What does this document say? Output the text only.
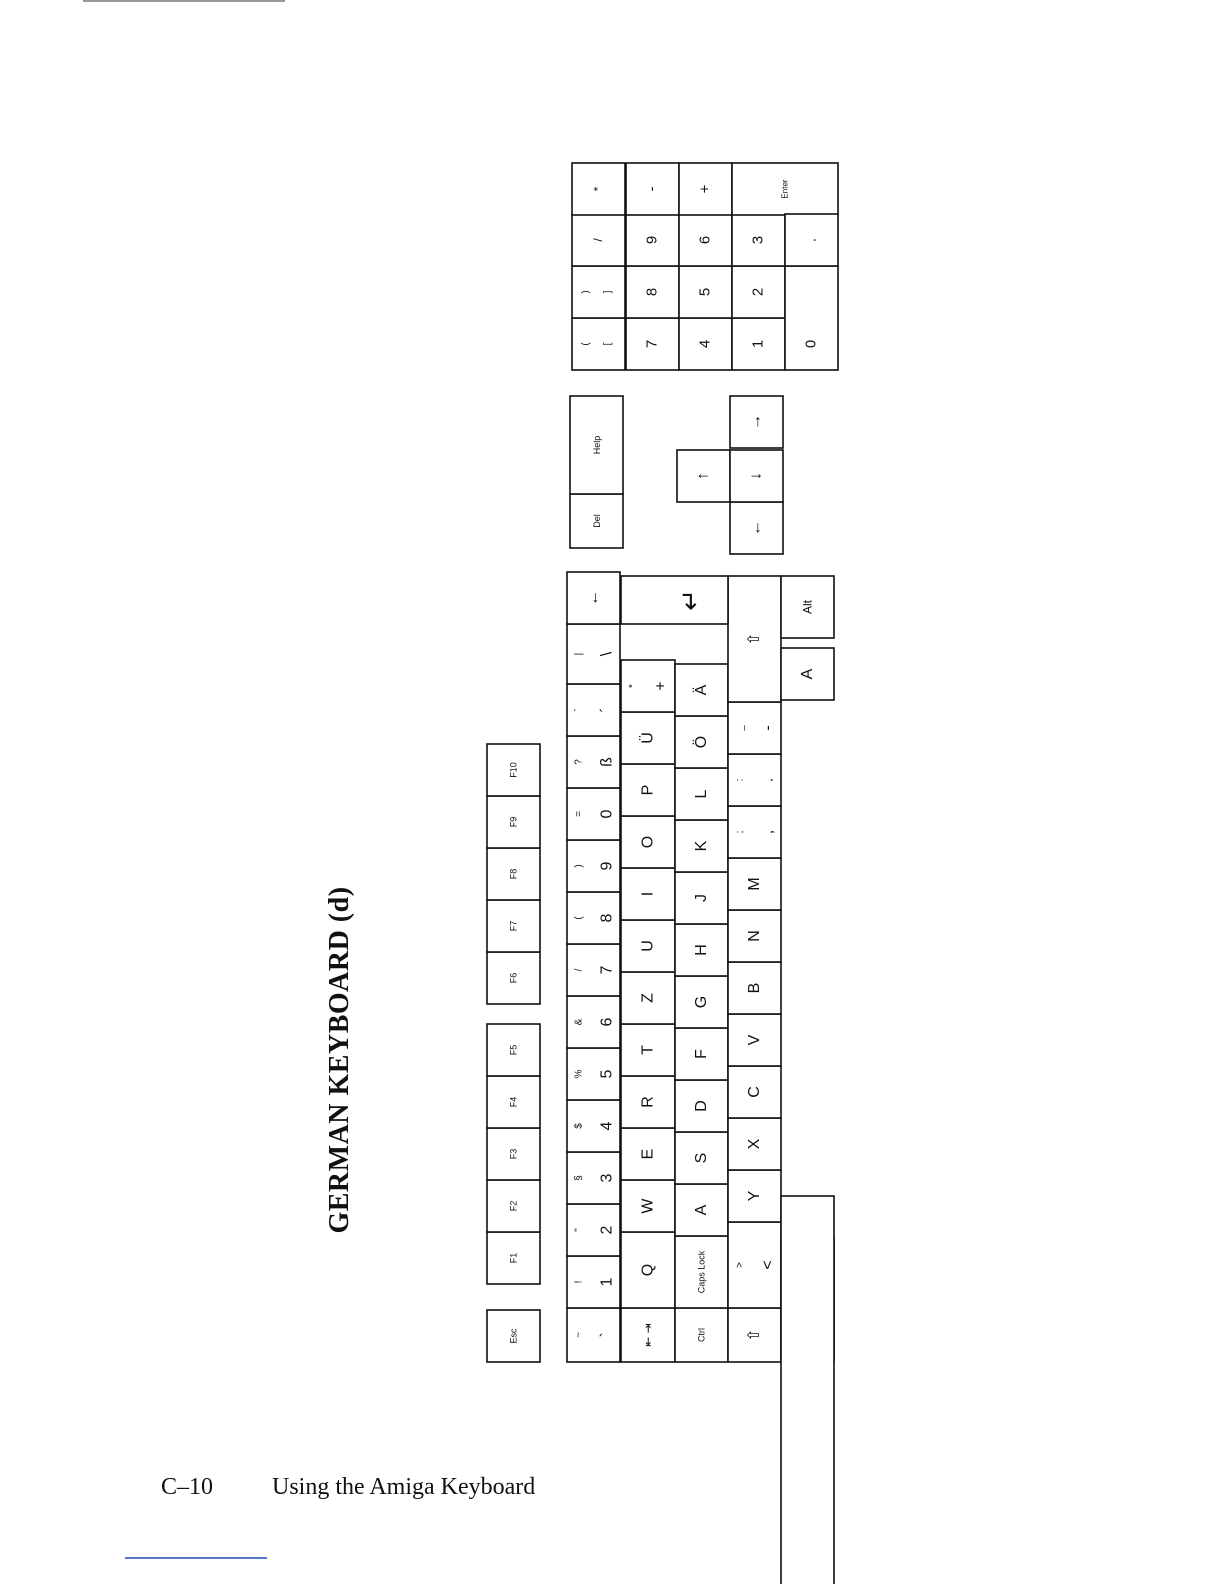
GERMAN KEYBOARD (d)
Esc
F1
F2
F3
F4
F5
F6
F7
F8
F9
F10
~ `
! 1
" 2
§ 3
$ 4
% 5
& 6
/ 7
( 8
) 9
= 0
? ß
` ´
| \
←
⇤ ⇥
Q
W
E
R
T
Z
U
I
O
P
Ü
* +
Ctrl
Caps Lock
A
S
D
F
G
H
J
K
L
Ö
Ä
⇧
> <
Y
X
C
V
B
N
M
; ,
: .
_ -
⇧
A
Alt
↵
Del
Help
↑
←
↓
→
( [
) ]
/
*
7
8
9
-
4
5
6
+
1
2
3
Enter
0
.
C–10 Using the Amiga Keyboard
